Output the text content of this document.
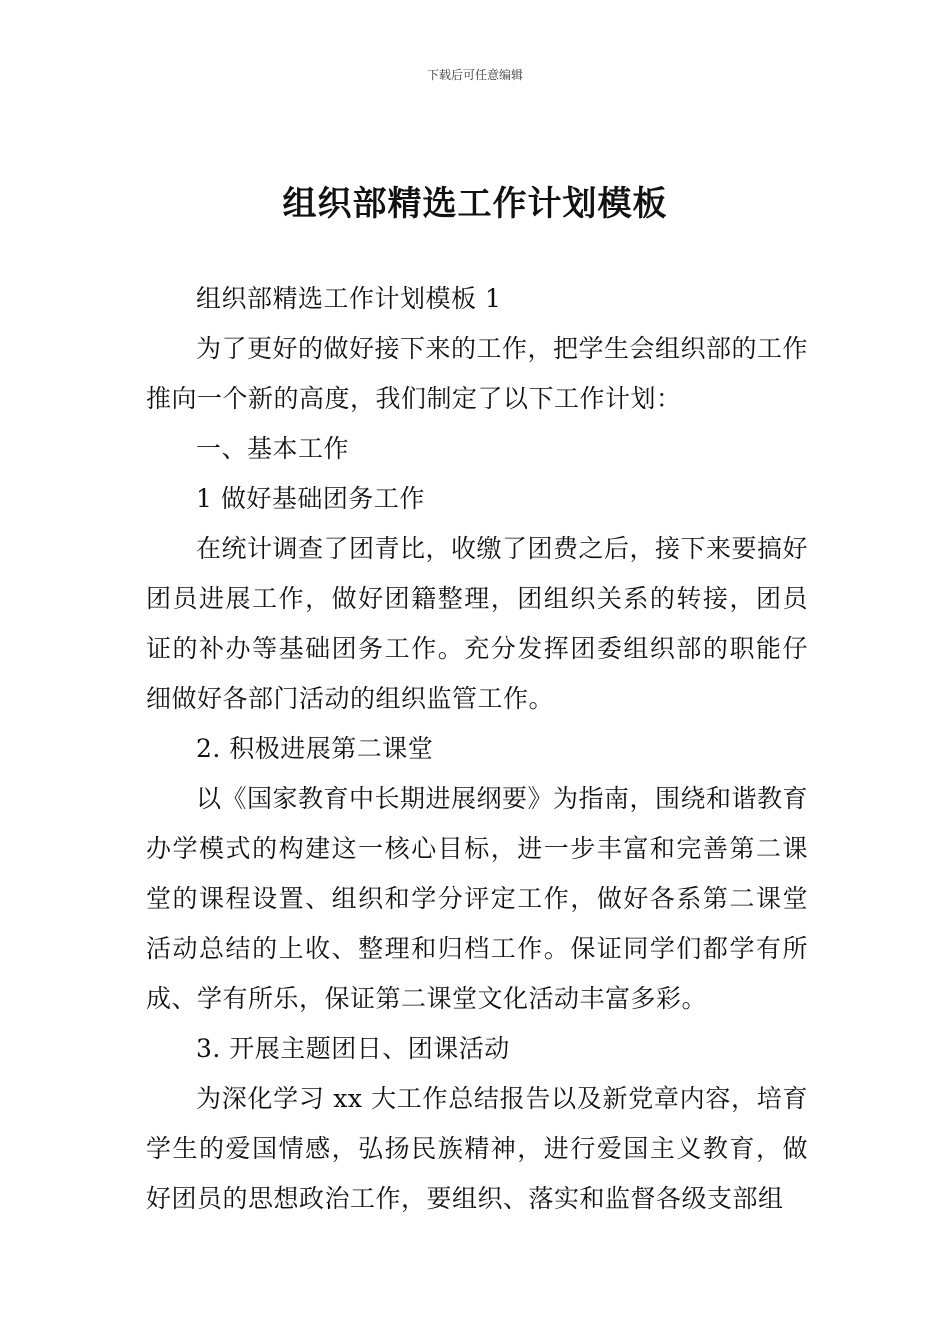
下载后可任意编辑
组织部精选工作计划模板

组织部精选工作计划模板 1

为了更好的做好接下来的工作，把学生会组织部的工作推向一个新的高度，我们制定了以下工作计划：

一、基本工作

1 做好基础团务工作

在统计调查了团青比，收缴了团费之后，接下来要搞好团员进展工作，做好团籍整理，团组织关系的转接，团员证的补办等基础团务工作。充分发挥团委组织部的职能仔细做好各部门活动的组织监管工作。

2. 积极进展第二课堂

以《国家教育中长期进展纲要》为指南，围绕和谐教育办学模式的构建这一核心目标，进一步丰富和完善第二课堂的课程设置、组织和学分评定工作，做好各系第二课堂活动总结的上收、整理和归档工作。保证同学们都学有所成、学有所乐，保证第二课堂文化活动丰富多彩。

3. 开展主题团日、团课活动

为深化学习 xx 大工作总结报告以及新党章内容，培育学生的爱国情感，弘扬民族精神，进行爱国主义教育，做好团员的思想政治工作，要组织、落实和监督各级支部组
